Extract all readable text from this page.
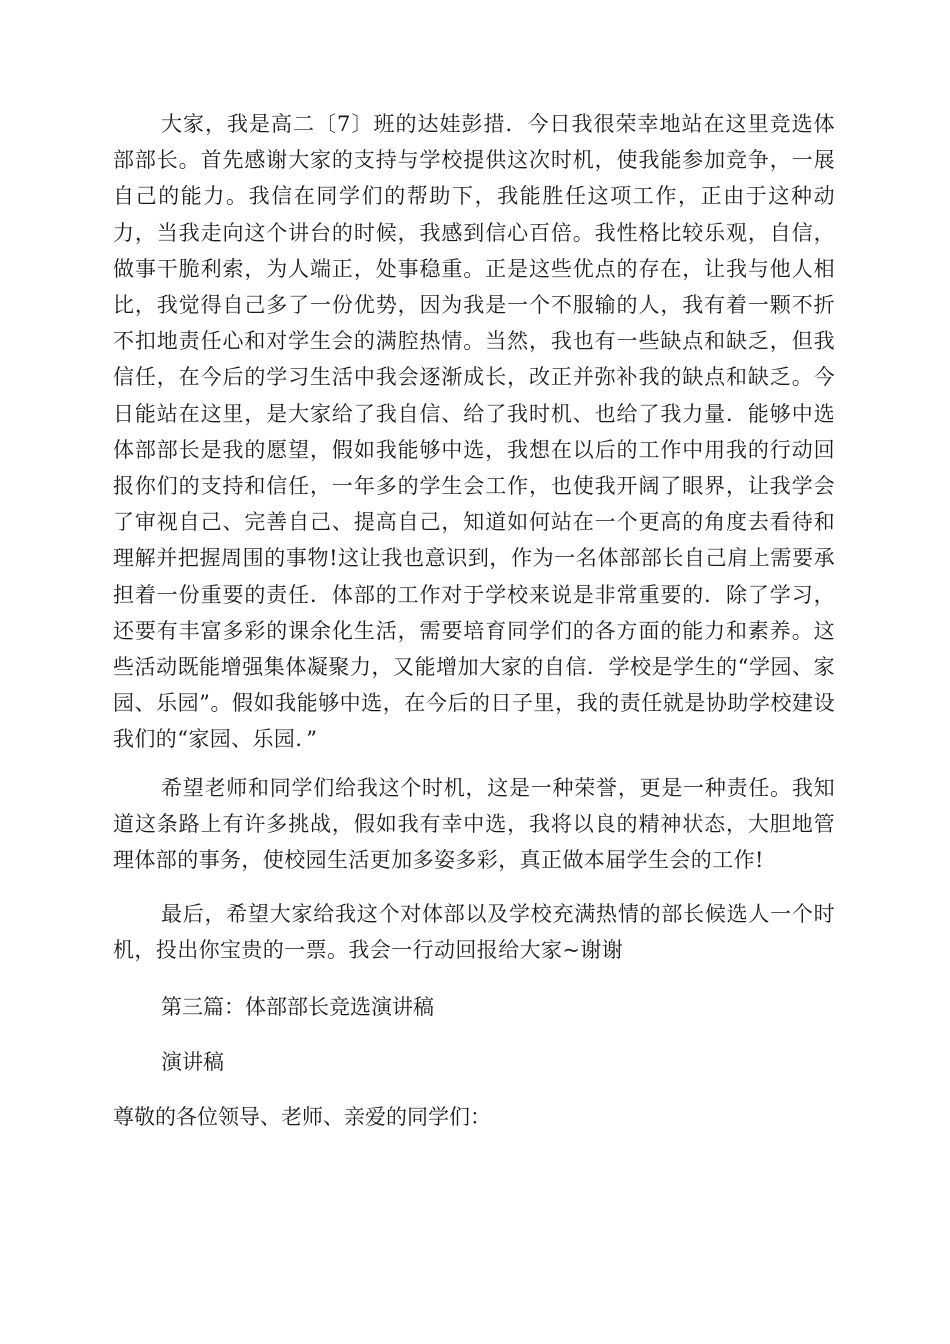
大家，我是高二〔7〕班的达娃彭措．今日我很荣幸地站在这里竞选体部部长。首先感谢大家的支持与学校提供这次时机，使我能参加竞争，一展自己的能力。我信在同学们的帮助下，我能胜任这项工作，正由于这种动力，当我走向这个讲台的时候，我感到信心百倍。我性格比较乐观，自信，做事干脆利索，为人端正，处事稳重。正是这些优点的存在，让我与他人相比，我觉得自己多了一份优势，因为我是一个不服输的人，我有着一颗不折不扣地责任心和对学生会的满腔热情。当然，我也有一些缺点和缺乏，但我信任，在今后的学习生活中我会逐渐成长，改正并弥补我的缺点和缺乏。今日能站在这里，是大家给了我自信、给了我时机、也给了我力量．能够中选体部部长是我的愿望，假如我能够中选，我想在以后的工作中用我的行动回报你们的支持和信任，一年多的学生会工作，也使我开阔了眼界，让我学会了审视自己、完善自己、提高自己，知道如何站在一个更高的角度去看待和理解并把握周围的事物!这让我也意识到，作为一名体部部长自己肩上需要承担着一份重要的责任．体部的工作对于学校来说是非常重要的．除了学习，还要有丰富多彩的课余化生活，需要培育同学们的各方面的能力和素养。这些活动既能增强集体凝聚力，又能增加大家的自信．学校是学生的“学园、家园、乐园”。假如我能够中选，在今后的日子里，我的责任就是协助学校建设我们的“家园、乐园．”

希望老师和同学们给我这个时机，这是一种荣誉，更是一种责任。我知道这条路上有许多挑战，假如我有幸中选，我将以良的精神状态，大胆地管理体部的事务，使校园生活更加多姿多彩，真正做本届学生会的工作!

最后，希望大家给我这个对体部以及学校充满热情的部长候选人一个时机，投出你宝贵的一票。我会一行动回报给大家~谢谢

第三篇：体部部长竞选演讲稿

演讲稿

尊敬的各位领导、老师、亲爱的同学们：
